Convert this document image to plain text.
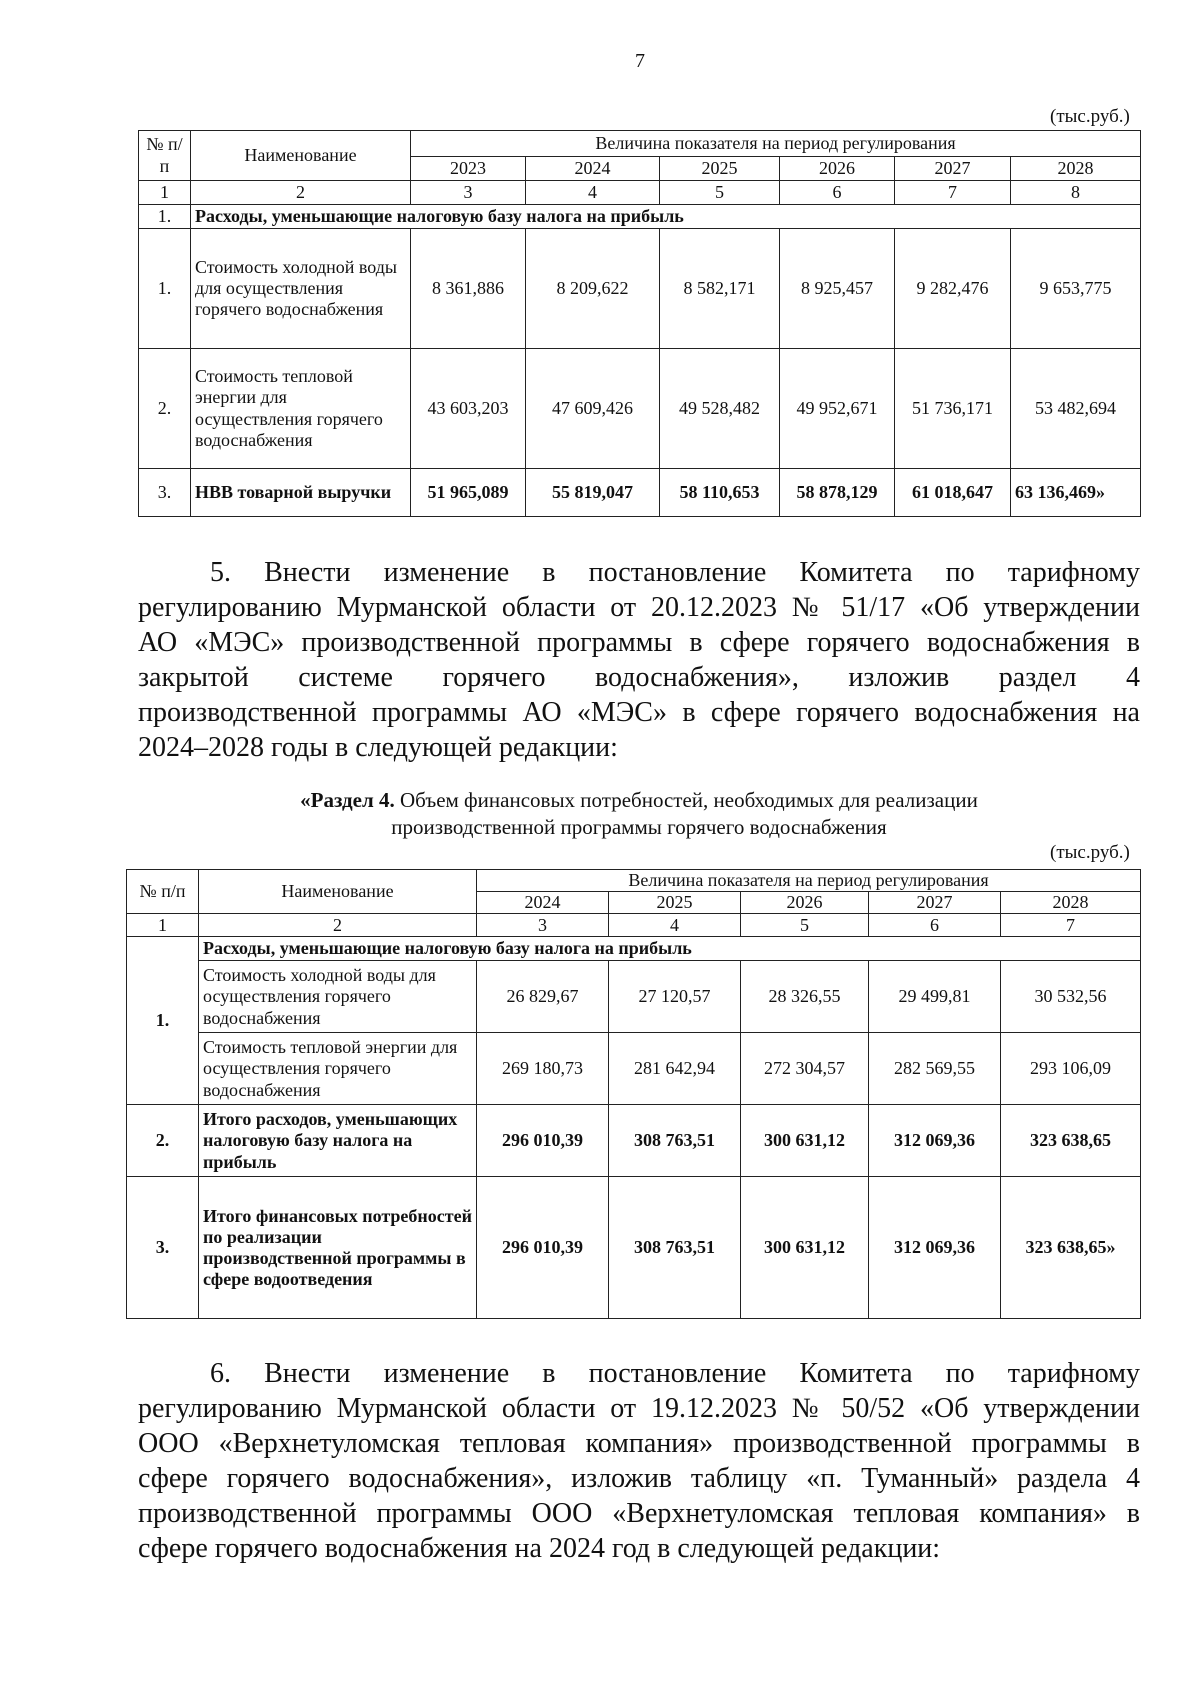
7
(тыс.руб.)
№ п/п	Наименование	Величина показателя на период регулирования					
		2023	2024	2025	2026	2027	2028
1	2	3	4	5	6	7	8
1.	Расходы, уменьшающие налоговую базу налога на прибыль						
1.	Стоимость холодной воды для осуществления горячего водоснабжения	8 361,886	8 209,622	8 582,171	8 925,457	9 282,476	9 653,775
2.	Стоимость тепловой энергии для осуществления горячего водоснабжения	43 603,203	47 609,426	49 528,482	49 952,671	51 736,171	53 482,694
3.	НВВ товарной выручки	51 965,089	55 819,047	58 110,653	58 878,129	61 018,647	63 136,469»
5. Внести изменение в постановление Комитета по тарифному
регулированию Мурманской области от 20.12.2023 № 51/17 «Об утверждении
АО «МЭС» производственной программы в сфере горячего водоснабжения в
закрытой системе горячего водоснабжения», изложив раздел 4
производственной программы АО «МЭС» в сфере горячего водоснабжения на
2024–2028 годы в следующей редакции:
«Раздел 4. Объем финансовых потребностей, необходимых для реализации
производственной программы горячего водоснабжения
(тыс.руб.)
№ п/п	Наименование	Величина показателя на период регулирования				
		2024	2025	2026	2027	2028
1	2	3	4	5	6	7
1.	Расходы, уменьшающие налоговую базу налога на прибыль					
	Стоимость холодной воды для осуществления горячего водоснабжения	26 829,67	27 120,57	28 326,55	29 499,81	30 532,56
	Стоимость тепловой энергии для осуществления горячего водоснабжения	269 180,73	281 642,94	272 304,57	282 569,55	293 106,09
2.	Итого расходов, уменьшающих налоговую базу налога на прибыль	296 010,39	308 763,51	300 631,12	312 069,36	323 638,65
3.	Итого финансовых потребностей по реализации производственной программы в сфере водоотведения	296 010,39	308 763,51	300 631,12	312 069,36	323 638,65»
6. Внести изменение в постановление Комитета по тарифному
регулированию Мурманской области от 19.12.2023 № 50/52 «Об утверждении
ООО «Верхнетуломская тепловая компания» производственной программы в
сфере горячего водоснабжения», изложив таблицу «п. Туманный» раздела 4
производственной программы ООО «Верхнетуломская тепловая компания» в
сфере горячего водоснабжения на 2024 год в следующей редакции:
